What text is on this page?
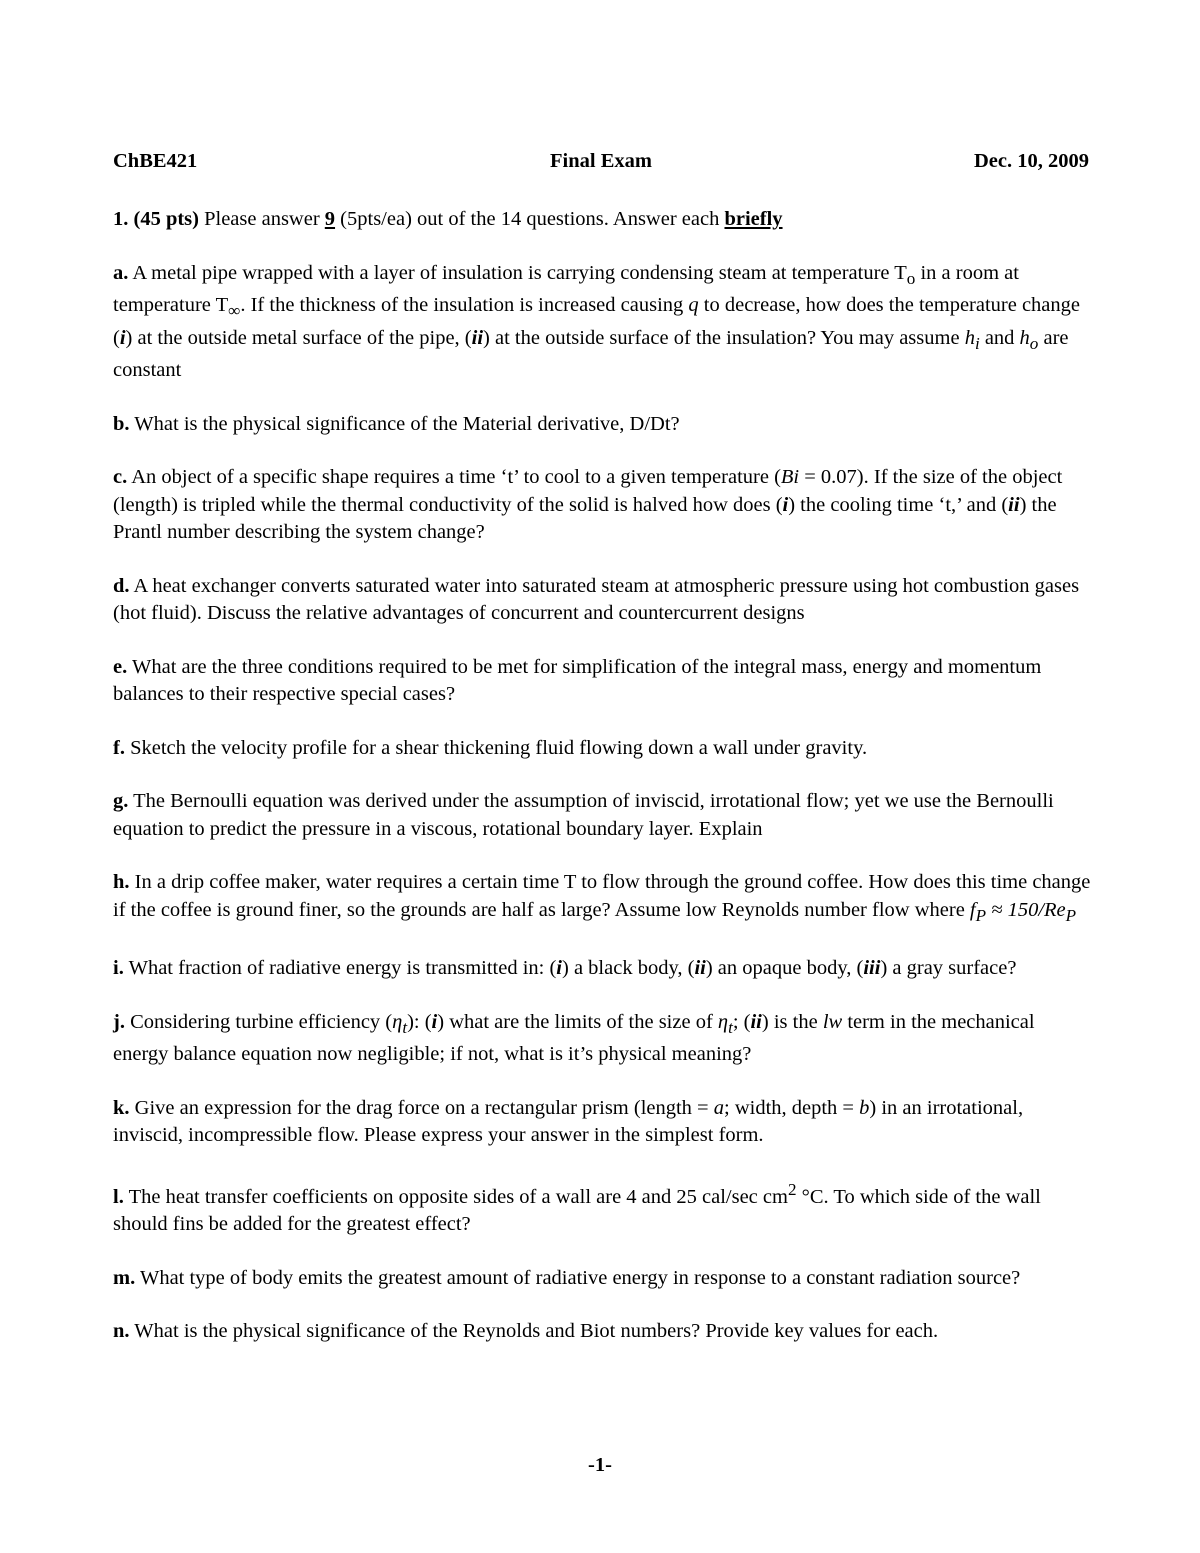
ChBE421	Final Exam	Dec. 10, 2009

1. (45 pts) Please answer 9 (5pts/ea) out of the 14 questions. Answer each briefly

a. A metal pipe wrapped with a layer of insulation is carrying condensing steam at temperature $T_o$ in a room at temperature $T_\infty$. If the thickness of the insulation is increased causing q to decrease, how does the temperature change (i) at the outside metal surface of the pipe, (ii) at the outside surface of the insulation? You may assume $h_i$ and $h_o$ are constant

b. What is the physical significance of the Material derivative, D/Dt?

c. An object of a specific shape requires a time ‘t’ to cool to a given temperature (Bi = 0.07). If the size of the object (length) is tripled while the thermal conductivity of the solid is halved how does (i) the cooling time ‘t,’ and (ii) the Prantl number describing the system change?

d. A heat exchanger converts saturated water into saturated steam at atmospheric pressure using hot combustion gases (hot fluid). Discuss the relative advantages of concurrent and countercurrent designs

e. What are the three conditions required to be met for simplification of the integral mass, energy and momentum balances to their respective special cases?

f. Sketch the velocity profile for a shear thickening fluid flowing down a wall under gravity.

g. The Bernoulli equation was derived under the assumption of inviscid, irrotational flow; yet we use the Bernoulli equation to predict the pressure in a viscous, rotational boundary layer. Explain

h. In a drip coffee maker, water requires a certain time T to flow through the ground coffee. How does this time change if the coffee is ground finer, so the grounds are half as large? Assume low Reynolds number flow where $f_P \approx 150/Re_P$

i. What fraction of radiative energy is transmitted in: (i) a black body, (ii) an opaque body, (iii) a gray surface?

j. Considering turbine efficiency $(\eta_t)$: (i) what are the limits of the size of $\eta_t$; (ii) is the lw term in the mechanical energy balance equation now negligible; if not, what is it’s physical meaning?

k. Give an expression for the drag force on a rectangular prism (length = a; width, depth = b) in an irrotational, inviscid, incompressible flow. Please express your answer in the simplest form.

l. The heat transfer coefficients on opposite sides of a wall are 4 and 25 cal/sec $cm^2$ °C. To which side of the wall should fins be added for the greatest effect?

m. What type of body emits the greatest amount of radiative energy in response to a constant radiation source?

n. What is the physical significance of the Reynolds and Biot numbers? Provide key values for each.

-1-
